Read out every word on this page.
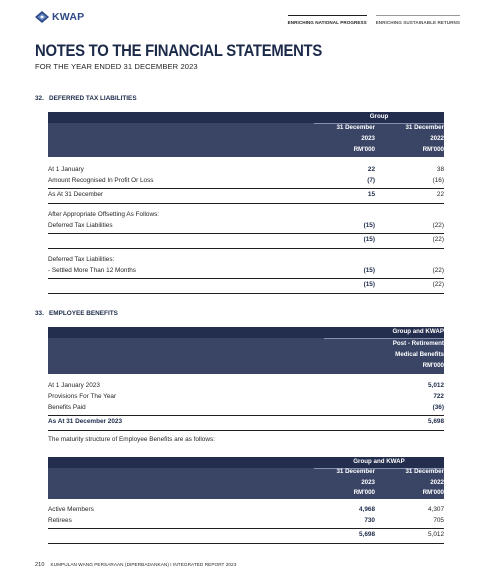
KWAP	ENRICHING NATIONAL PROGRESS ENRICHING SUSTAINABLE RETURNS
NOTES TO THE FINANCIAL STATEMENTS
FOR THE YEAR ENDED 31 DECEMBER 2023
32. DEFERRED TAX LIABILITIES
Group
31 December
2023
RM'000
31 December
2022
RM'000
At 1 January	22	38
Amount Recognised In Profit Or Loss	(7)	(16)
As At 31 December	15	22
After Appropriate Offsetting As Follows:
Deferred Tax Liabilities	(15)	(22)
(15)	(22)
Deferred Tax Liabilities:
- Settled More Than 12 Months	(15)	(22)
(15)	(22)
33. EMPLOYEE BENEFITS
Group and KWAP
Post - Retirement
Medical Benefits
RM'000
At 1 January 2023	5,012
Provisions For The Year	722
Benefits Paid	(36)
As At 31 December 2023	5,698
The maturity structure of Employee Benefits are as follows:
Group and KWAP
31 December
2023
RM'000
31 December
2022
RM'000
Active Members	4,968	4,307
Retirees	730	705
5,698	5,012
210 KUMPULAN WANG PERSARAAN (DIPERBADANKAN) I INTEGRATED REPORT 2023
